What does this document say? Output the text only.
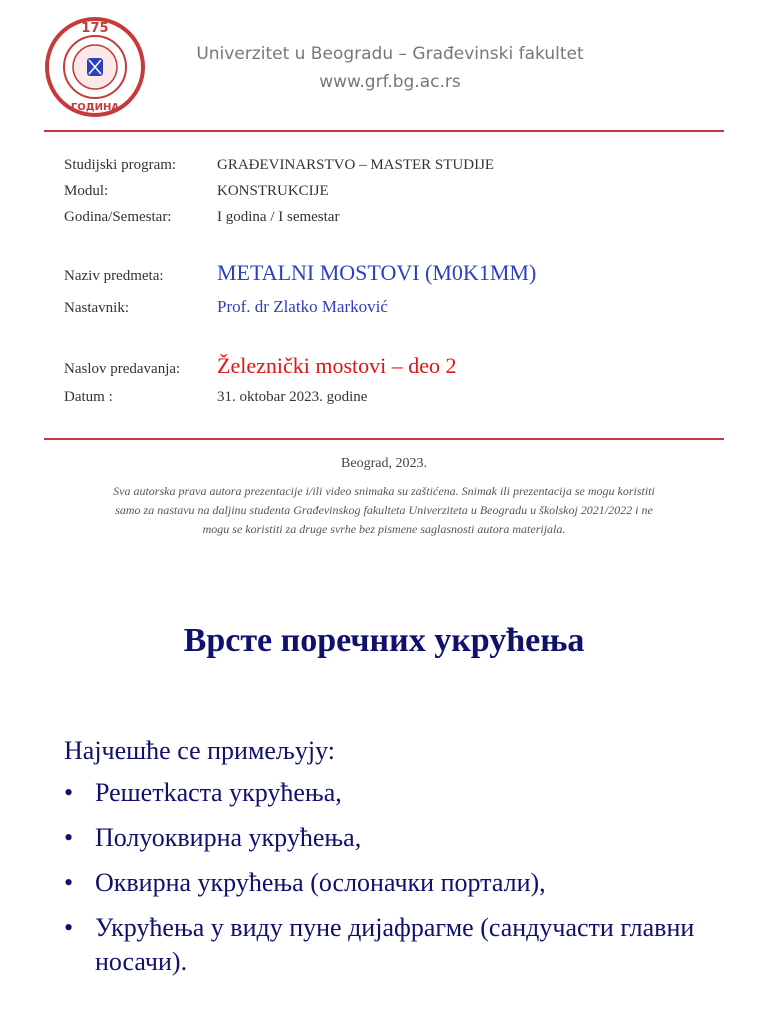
175
ГОДИНА
Univerzitet u Beogradu – Građevinski fakultet
www.grf.bg.ac.rs
Studijski program:	GRAĐEVINARSTVO – MASTER STUDIJE
Modul:	KONSTRUKCIJE
Godina/Semestar:	I godina / I semestar
Naziv predmeta: METALNI MOSTOVI (M0K1MM)
Nastavnik:	Prof. dr Zlatko Marković
Naslov predavanja: Železnički mostovi – deo 2
Datum :	31. oktobar 2023. godine
Beograd, 2023.

Sva autorska prava autora prezentacije i/ili video snimaka su zaštićena. Snimak ili prezentacija se mogu koristiti

samo za nastavu na daljinu studenta Građevinskog fakulteta Univerziteta u Beogradu u školskoj 2021/2022 i ne

mogu se koristiti za druge svrhe bez pismene saglasnosti autora materijala.

Врсте поречних укрућења
Најчешће се примељују:
• Решетkaстa укрућења,
• Полуоквирна укрућења,
• Оквирна укрућења (ослоначки портали),
• Укрућења у виду пуне дијафрагме (сандучасти главни носачи).
